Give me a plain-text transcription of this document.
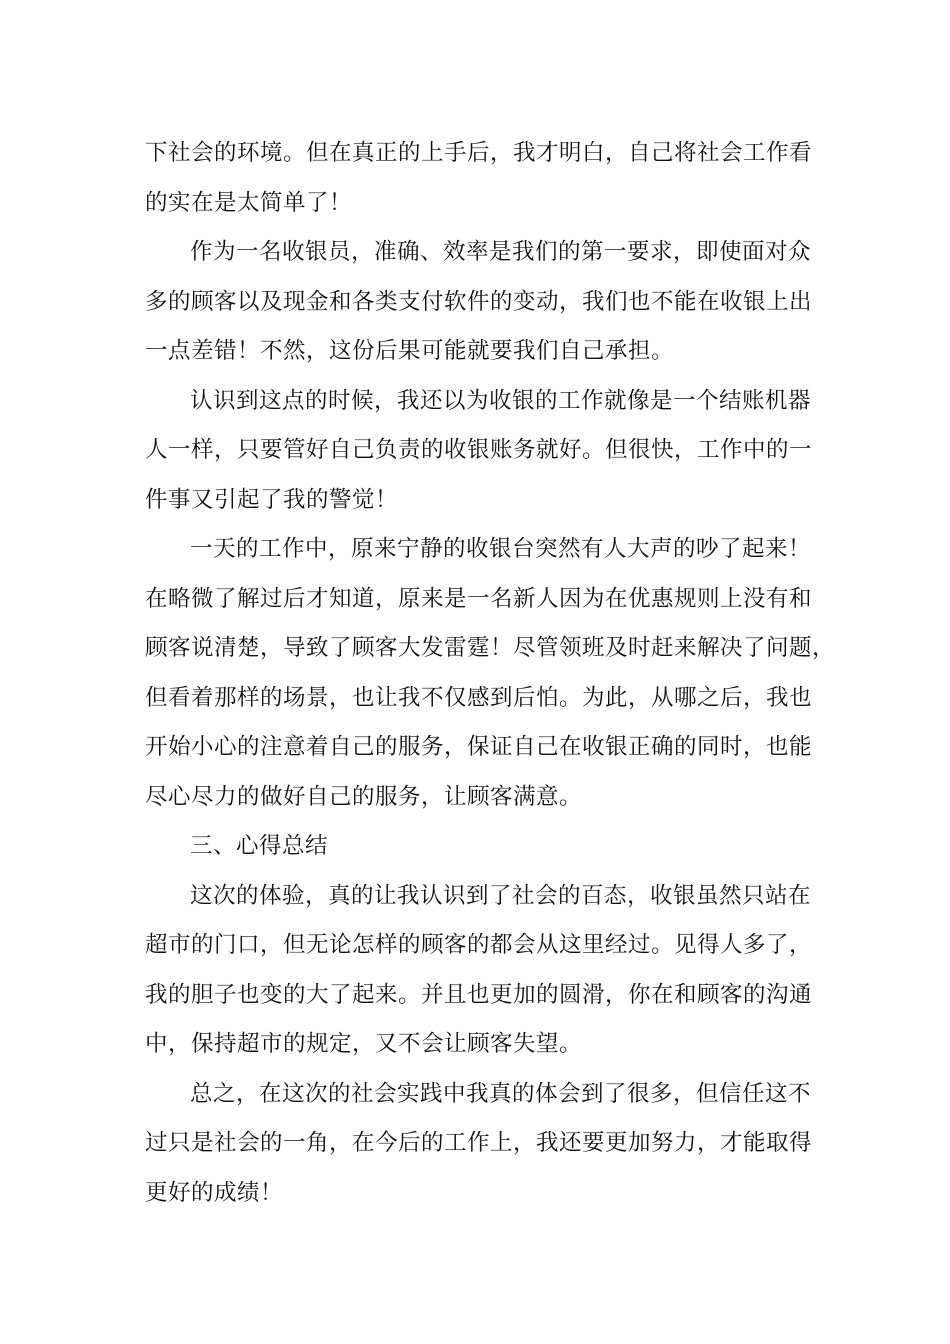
下社会的环境。但在真正的上手后，我才明白，自己将社会工作看
的实在是太简单了！
作为一名收银员，准确、效率是我们的第一要求，即使面对众
多的顾客以及现金和各类支付软件的变动，我们也不能在收银上出
一点差错！不然，这份后果可能就要我们自己承担。
认识到这点的时候，我还以为收银的工作就像是一个结账机器
人一样，只要管好自己负责的收银账务就好。但很快，工作中的一
件事又引起了我的警觉！
一天的工作中，原来宁静的收银台突然有人大声的吵了起来！
在略微了解过后才知道，原来是一名新人因为在优惠规则上没有和
顾客说清楚，导致了顾客大发雷霆！尽管领班及时赶来解决了问题，
但看着那样的场景，也让我不仅感到后怕。为此，从哪之后，我也
开始小心的注意着自己的服务，保证自己在收银正确的同时，也能
尽心尽力的做好自己的服务，让顾客满意。
三、心得总结
这次的体验，真的让我认识到了社会的百态，收银虽然只站在
超市的门口，但无论怎样的顾客的都会从这里经过。见得人多了，
我的胆子也变的大了起来。并且也更加的圆滑，你在和顾客的沟通
中，保持超市的规定，又不会让顾客失望。
总之，在这次的社会实践中我真的体会到了很多，但信任这不
过只是社会的一角，在今后的工作上，我还要更加努力，才能取得
更好的成绩！
